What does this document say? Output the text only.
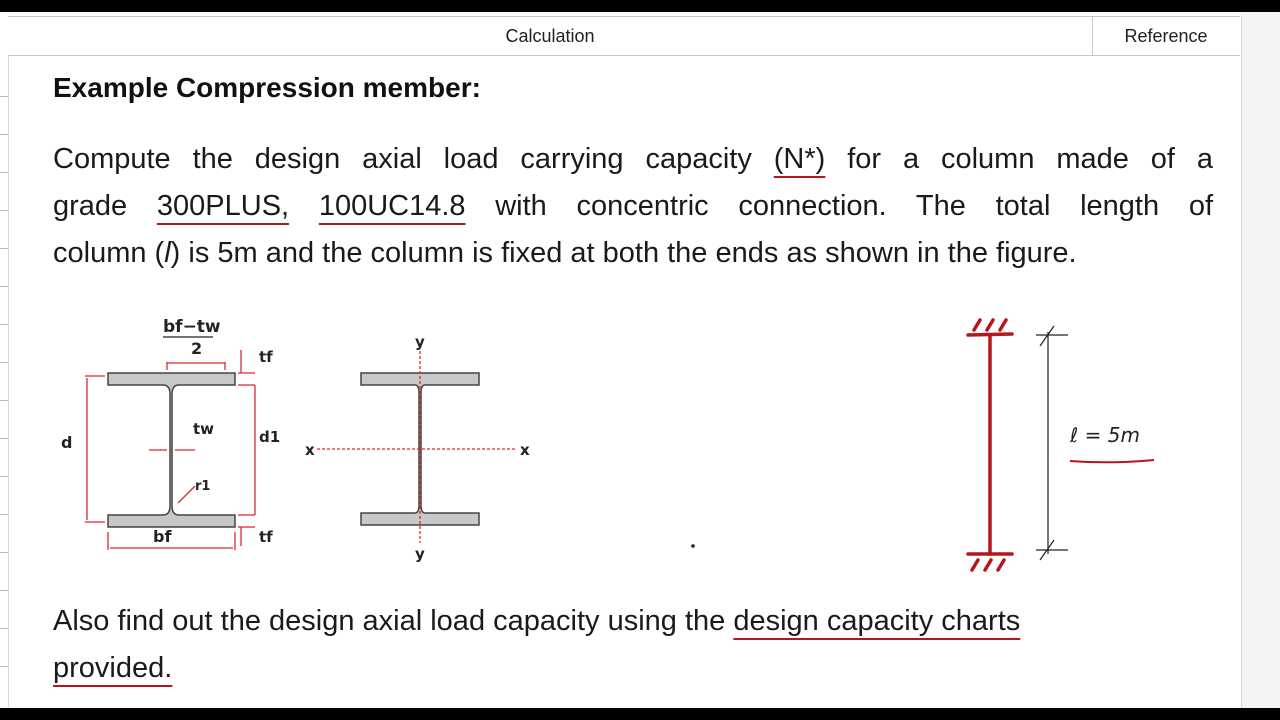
Calculation	Reference
Example Compression member:
Compute the design axial load carrying capacity (N*) for a column made of a
grade 300PLUS, 100UC14.8 with concentric connection. The total length of
column (l) is 5m and the column is fixed at both the ends as shown in the figure.
bf−tw
2	tf
d
tw	d1
r1
tf
bf
y
y
x	x
ℓ = 5m
Also find out the design axial load capacity using the design capacity charts
provided.
